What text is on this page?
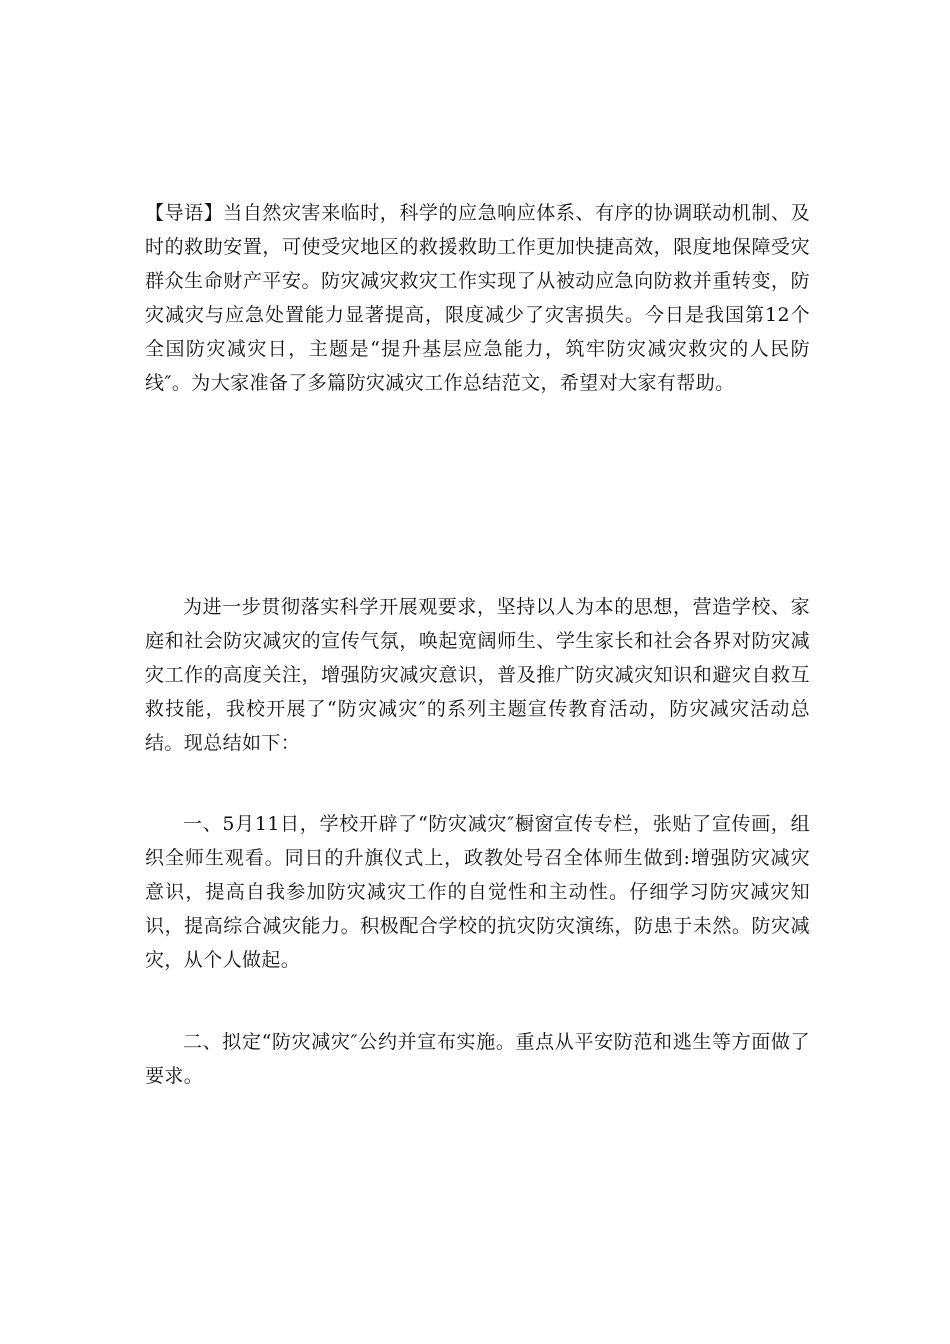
【导语】当自然灾害来临时，科学的应急响应体系、有序的协调联动机制、及时的救助安置，可使受灾地区的救援救助工作更加快捷高效，限度地保障受灾群众生命财产平安。防灾减灾救灾工作实现了从被动应急向防救并重转变，防灾减灾与应急处置能力显著提高，限度减少了灾害损失。今日是我国第12个全国防灾减灾日，主题是“提升基层应急能力，筑牢防灾减灾救灾的人民防线″。为大家准备了多篇防灾减灾工作总结范文，希望对大家有帮助。

为进一步贯彻落实科学开展观要求，坚持以人为本的思想，营造学校、家庭和社会防灾减灾的宣传气氛，唤起宽阔师生、学生家长和社会各界对防灾减灾工作的高度关注，增强防灾减灾意识，普及推广防灾减灾知识和避灾自救互救技能，我校开展了“防灾减灾″的系列主题宣传教育活动，防灾减灾活动总结。现总结如下：

一、5月11日，学校开辟了“防灾减灾″橱窗宣传专栏，张贴了宣传画，组织全师生观看。同日的升旗仪式上，政教处号召全体师生做到:增强防灾减灾意识，提高自我参加防灾减灾工作的自觉性和主动性。仔细学习防灾减灾知识，提高综合减灾能力。积极配合学校的抗灾防灾演练，防患于未然。防灾减灾，从个人做起。

二、拟定“防灾减灾″公约并宣布实施。重点从平安防范和逃生等方面做了要求。
